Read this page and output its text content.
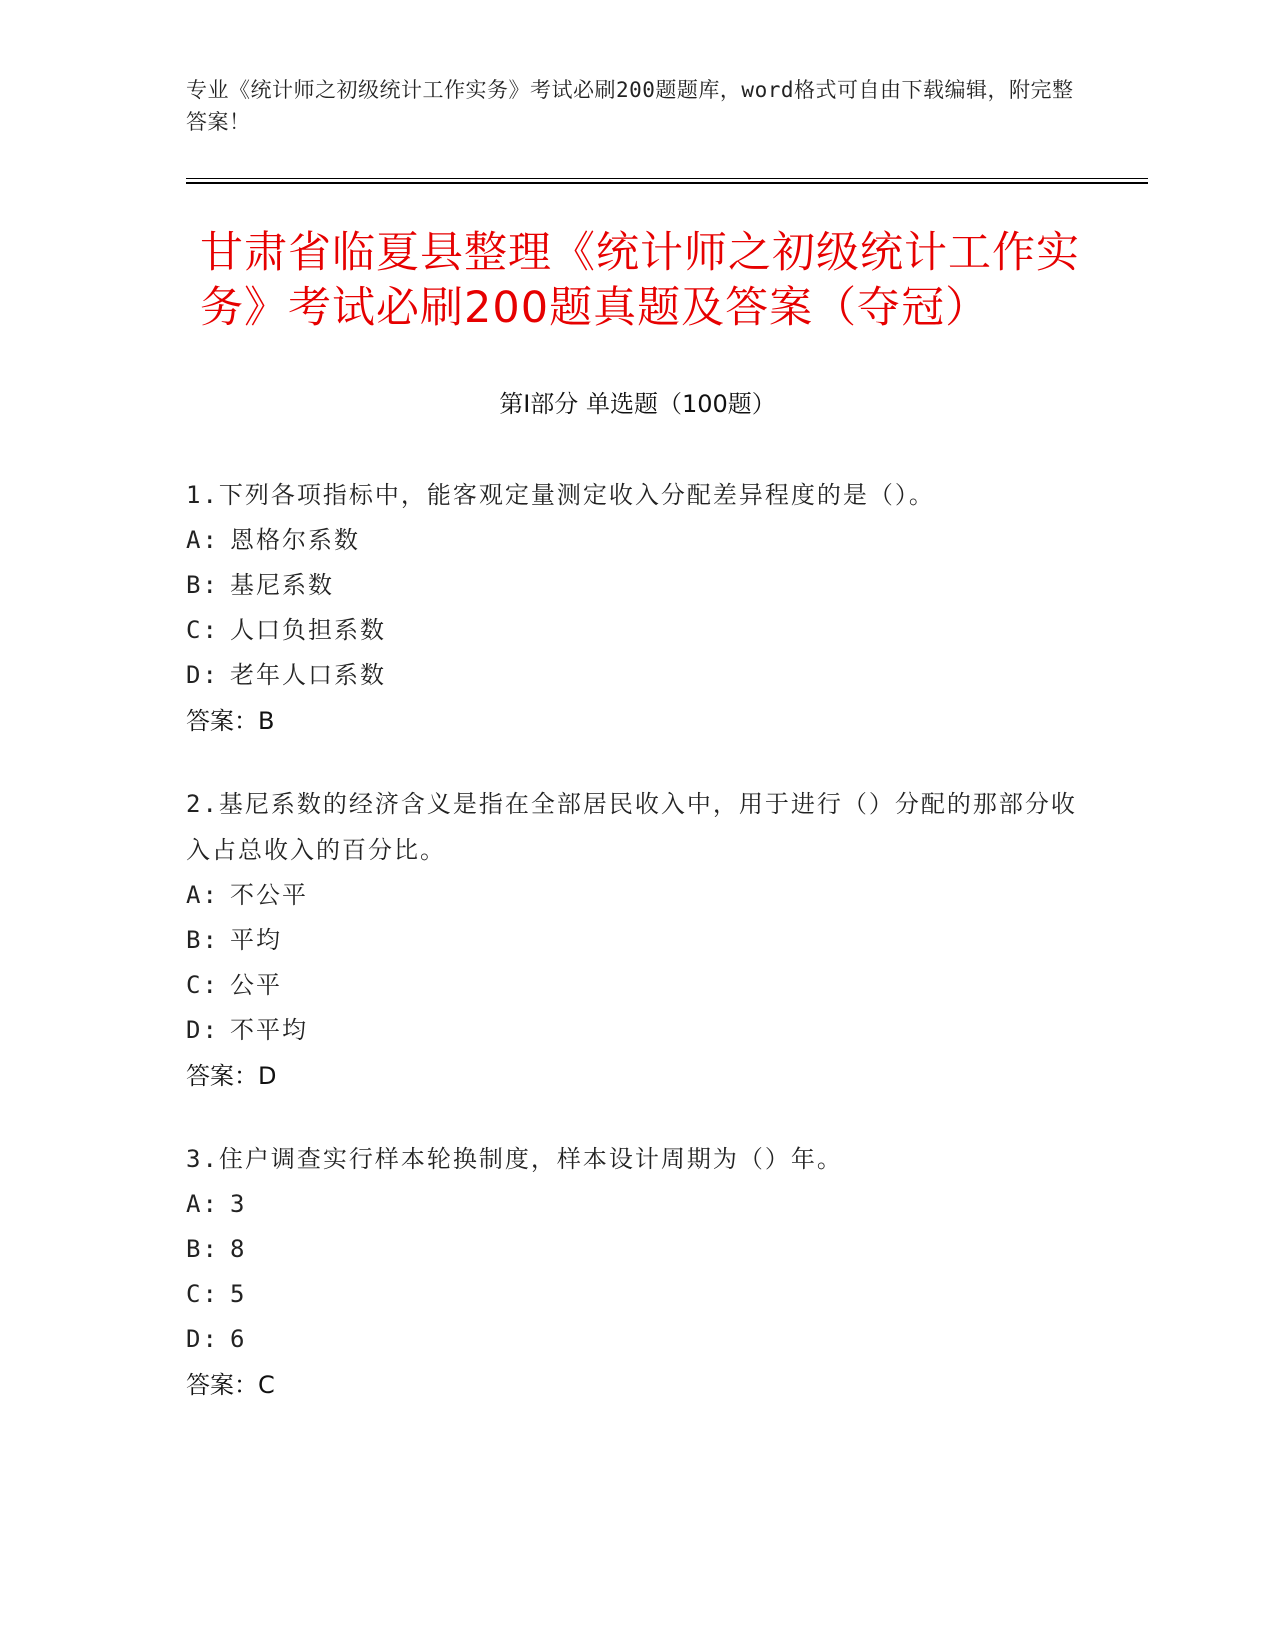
专业《统计师之初级统计工作实务》考试必刷200题题库，word格式可自由下载编辑，附完整答案！
甘肃省临夏县整理《统计师之初级统计工作实务》考试必刷200题真题及答案（夺冠）
第Ⅰ部分 单选题（100题）
1.下列各项指标中，能客观定量测定收入分配差异程度的是（）。
A: 恩格尔系数
B: 基尼系数
C: 人口负担系数
D: 老年人口系数
答案：B
2.基尼系数的经济含义是指在全部居民收入中，用于进行（）分配的那部分收入占总收入的百分比。
A: 不公平
B: 平均
C: 公平
D: 不平均
答案：D
3.住户调查实行样本轮换制度，样本设计周期为（）年。
A: 3
B: 8
C: 5
D: 6
答案：C
